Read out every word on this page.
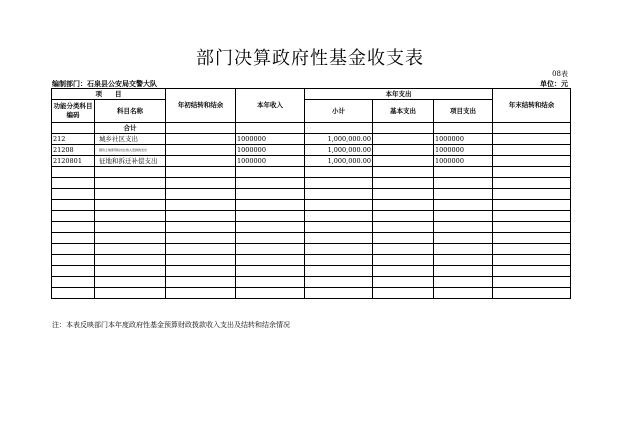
部门决算政府性基金收支表
08表
编制部门：石泉县公安局交警大队	单位：元
项　　目		年初结转和结余	本年收入	本年支出			年末结转和结余
功能分类科目编码	科目名称			小计	基本支出	项目支出	
	合计						
212	城乡社区支出		1000000	1,000,000.00		1000000	
21208	国有土地使用权出让收入安排的支出		1000000	1,000,000.00		1000000	
2120801	征地和拆迁补偿支出		1000000	1,000,000.00		1000000	

注：本表反映部门本年度政府性基金预算财政拨款收入支出及结转和结余情况
